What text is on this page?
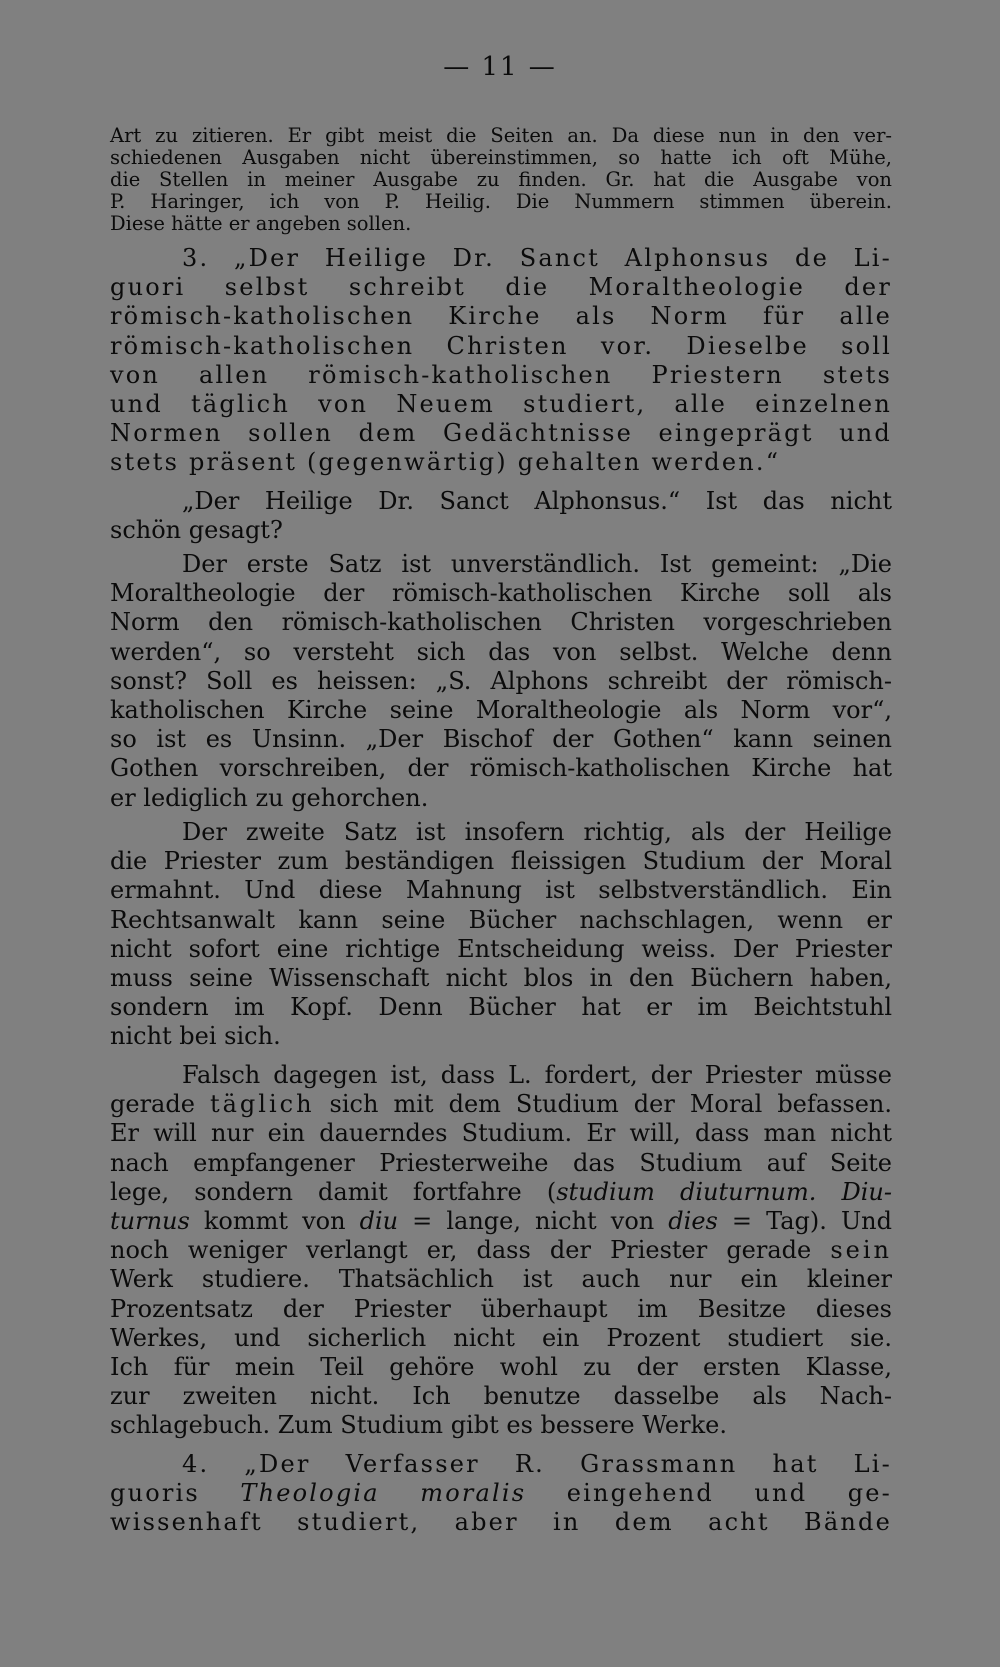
— 11 —
Art zu zitieren. Er gibt meist die Seiten an. Da diese nun in den ver-
schiedenen Ausgaben nicht übereinstimmen, so hatte ich oft Mühe,
die Stellen in meiner Ausgabe zu finden. Gr. hat die Ausgabe von
P. Haringer, ich von P. Heilig. Die Nummern stimmen überein.
Diese hätte er angeben sollen.
3. „Der Heilige Dr. Sanct Alphonsus de Li-
guori selbst schreibt die Moraltheologie der
römisch-katholischen Kirche als Norm für alle
römisch-katholischen Christen vor. Dieselbe soll
von allen römisch-katholischen Priestern stets
und täglich von Neuem studiert, alle einzelnen
Normen sollen dem Gedächtnisse eingeprägt und
stets präsent (gegenwärtig) gehalten werden.“
„Der Heilige Dr. Sanct Alphonsus.“ Ist das nicht
schön gesagt?
Der erste Satz ist unverständlich. Ist gemeint: „Die
Moraltheologie der römisch-katholischen Kirche soll als
Norm den römisch-katholischen Christen vorgeschrieben
werden“, so versteht sich das von selbst. Welche denn
sonst? Soll es heissen: „S. Alphons schreibt der römisch-
katholischen Kirche seine Moraltheologie als Norm vor“,
so ist es Unsinn. „Der Bischof der Gothen“ kann seinen
Gothen vorschreiben, der römisch-katholischen Kirche hat
er lediglich zu gehorchen.
Der zweite Satz ist insofern richtig, als der Heilige
die Priester zum beständigen fleissigen Studium der Moral
ermahnt. Und diese Mahnung ist selbstverständlich. Ein
Rechtsanwalt kann seine Bücher nachschlagen, wenn er
nicht sofort eine richtige Entscheidung weiss. Der Priester
muss seine Wissenschaft nicht blos in den Büchern haben,
sondern im Kopf. Denn Bücher hat er im Beichtstuhl
nicht bei sich.
Falsch dagegen ist, dass L. fordert, der Priester müsse
gerade täglich sich mit dem Studium der Moral befassen.
Er will nur ein dauerndes Studium. Er will, dass man nicht
nach empfangener Priesterweihe das Studium auf Seite
lege, sondern damit fortfahre (studium diuturnum. Diu-
turnus kommt von diu = lange, nicht von dies = Tag). Und
noch weniger verlangt er, dass der Priester gerade sein
Werk studiere. Thatsächlich ist auch nur ein kleiner
Prozentsatz der Priester überhaupt im Besitze dieses
Werkes, und sicherlich nicht ein Prozent studiert sie.
Ich für mein Teil gehöre wohl zu der ersten Klasse,
zur zweiten nicht. Ich benutze dasselbe als Nach-
schlagebuch. Zum Studium gibt es bessere Werke.
4. „Der Verfasser R. Grassmann hat Li-
guoris Theologia moralis eingehend und ge-
wissenhaft studiert, aber in dem acht Bände
